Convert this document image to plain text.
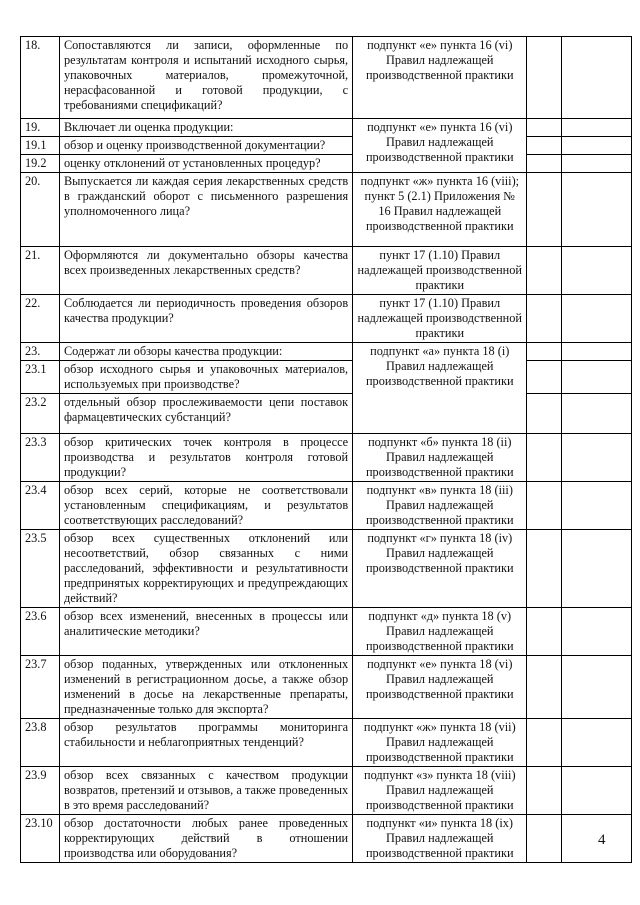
18.	Сопоставляются ли записи, оформленные по результатам контроля и испытаний исходного сырья, упаковочных материалов, промежуточной, нерасфасованной и готовой продукции, с требованиями спецификаций?	подпункт «е» пункта 16 (vi) Правил надлежащей производственной практики		
19.	Включает ли оценка продукции:	подпункт «е» пункта 16 (vi) Правил надлежащей производственной практики		
19.1	обзор и оценку производственной документации?			
19.2	оценку отклонений от установленных процедур?			
20.	Выпускается ли каждая серия лекарственных средств в гражданский оборот с письменного разрешения уполномоченного лица?	подпункт «ж» пункта 16 (viii); пункт 5 (2.1) Приложения № 16 Правил надлежащей производственной практики		
21.	Оформляются ли документально обзоры качества всех произведенных лекарственных средств?	пункт 17 (1.10) Правил надлежащей производственной практики		
22.	Соблюдается ли периодичность проведения обзоров качества продукции?	пункт 17 (1.10) Правил надлежащей производственной практики		
23.	Содержат ли обзоры качества продукции:	подпункт «а» пункта 18 (i) Правил надлежащей производственной практики		
23.1	обзор исходного сырья и упаковочных материалов, используемых при производстве?			
23.2	отдельный обзор прослеживаемости цепи поставок фармацевтических субстанций?			
23.3	обзор критических точек контроля в процессе производства и результатов контроля готовой продукции?	подпункт «б» пункта 18 (ii) Правил надлежащей производственной практики		
23.4	обзор всех серий, которые не соответствовали установленным спецификациям, и результатов соответствующих расследований?	подпункт «в» пункта 18 (iii) Правил надлежащей производственной практики		
23.5	обзор всех существенных отклонений или несоответствий, обзор связанных с ними расследований, эффективности и результативности предпринятых корректирующих и предупреждающих действий?	подпункт «г» пункта 18 (iv) Правил надлежащей производственной практики		
23.6	обзор всех изменений, внесенных в процессы или аналитические методики?	подпункт «д» пункта 18 (v) Правил надлежащей производственной практики		
23.7	обзор поданных, утвержденных или отклоненных изменений в регистрационном досье, а также обзор изменений в досье на лекарственные препараты, предназначенные только для экспорта?	подпункт «е» пункта 18 (vi) Правил надлежащей производственной практики		
23.8	обзор результатов программы мониторинга стабильности и неблагоприятных тенденций?	подпункт «ж» пункта 18 (vii) Правил надлежащей производственной практики		
23.9	обзор всех связанных с качеством продукции возвратов, претензий и отзывов, а также проведенных в это время расследований?	подпункт «з» пункта 18 (viii) Правил надлежащей производственной практики		
23.10	обзор достаточности любых ранее проведенных корректирующих действий в отношении производства или оборудования?	подпункт «и» пункта 18 (ix) Правил надлежащей производственной практики		
4
